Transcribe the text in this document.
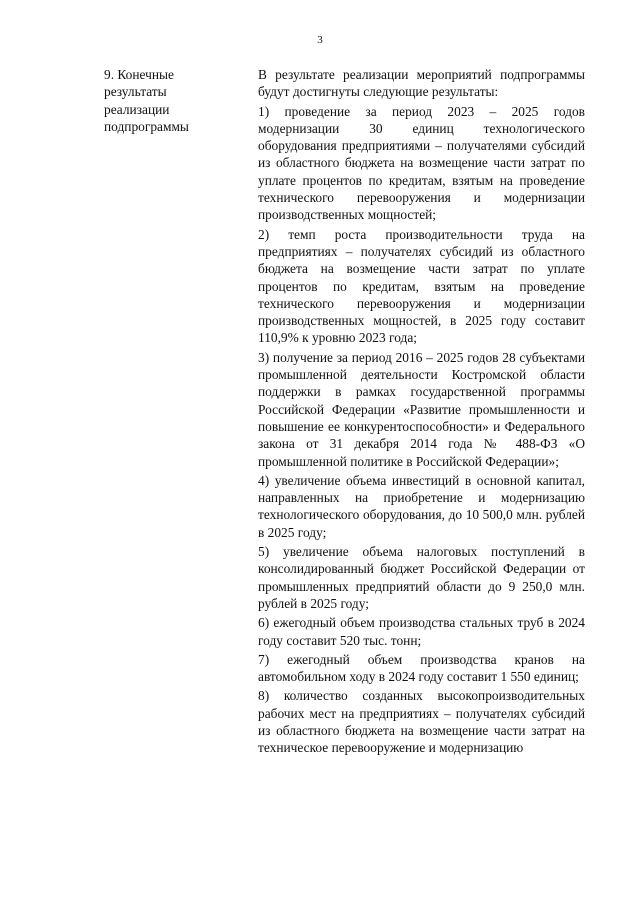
3
9. Конечные
результаты
реализации
подпрограммы

В результате реализации мероприятий подпрограммы будут достигнуты следующие результаты:

1) проведение за период 2023 – 2025 годов модернизации 30 единиц технологического оборудования предприятиями – получателями субсидий из областного бюджета на возмещение части затрат по уплате процентов по кредитам, взятым на проведение технического перевооружения и модернизации производственных мощностей;

2) темп роста производительности труда на предприятиях – получателях субсидий из областного бюджета на возмещение части затрат по уплате процентов по кредитам, взятым на проведение технического перевооружения и модернизации производственных мощностей, в 2025 году составит 110,9% к уровню 2023 года;

3) получение за период 2016 – 2025 годов 28 субъектами промышленной деятельности Костромской области поддержки в рамках государственной программы Российской Федерации «Развитие промышленности и повышение ее конкурентоспособности» и Федерального закона от 31 декабря 2014 года № 488-ФЗ «О промышленной политике в Российской Федерации»;

4) увеличение объема инвестиций в основной капитал, направленных на приобретение и модернизацию технологического оборудования, до 10 500,0 млн. рублей в 2025 году;

5) увеличение объема налоговых поступлений в консолидированный бюджет Российской Федерации от промышленных предприятий области до 9 250,0 млн. рублей в 2025 году;

6) ежегодный объем производства стальных труб в 2024 году составит 520 тыс. тонн;

7) ежегодный объем производства кранов на автомобильном ходу в 2024 году составит 1 550 единиц;

8) количество созданных высокопроизводительных рабочих мест на предприятиях – получателях субсидий из областного бюджета на возмещение части затрат на техническое перевооружение и модернизацию
